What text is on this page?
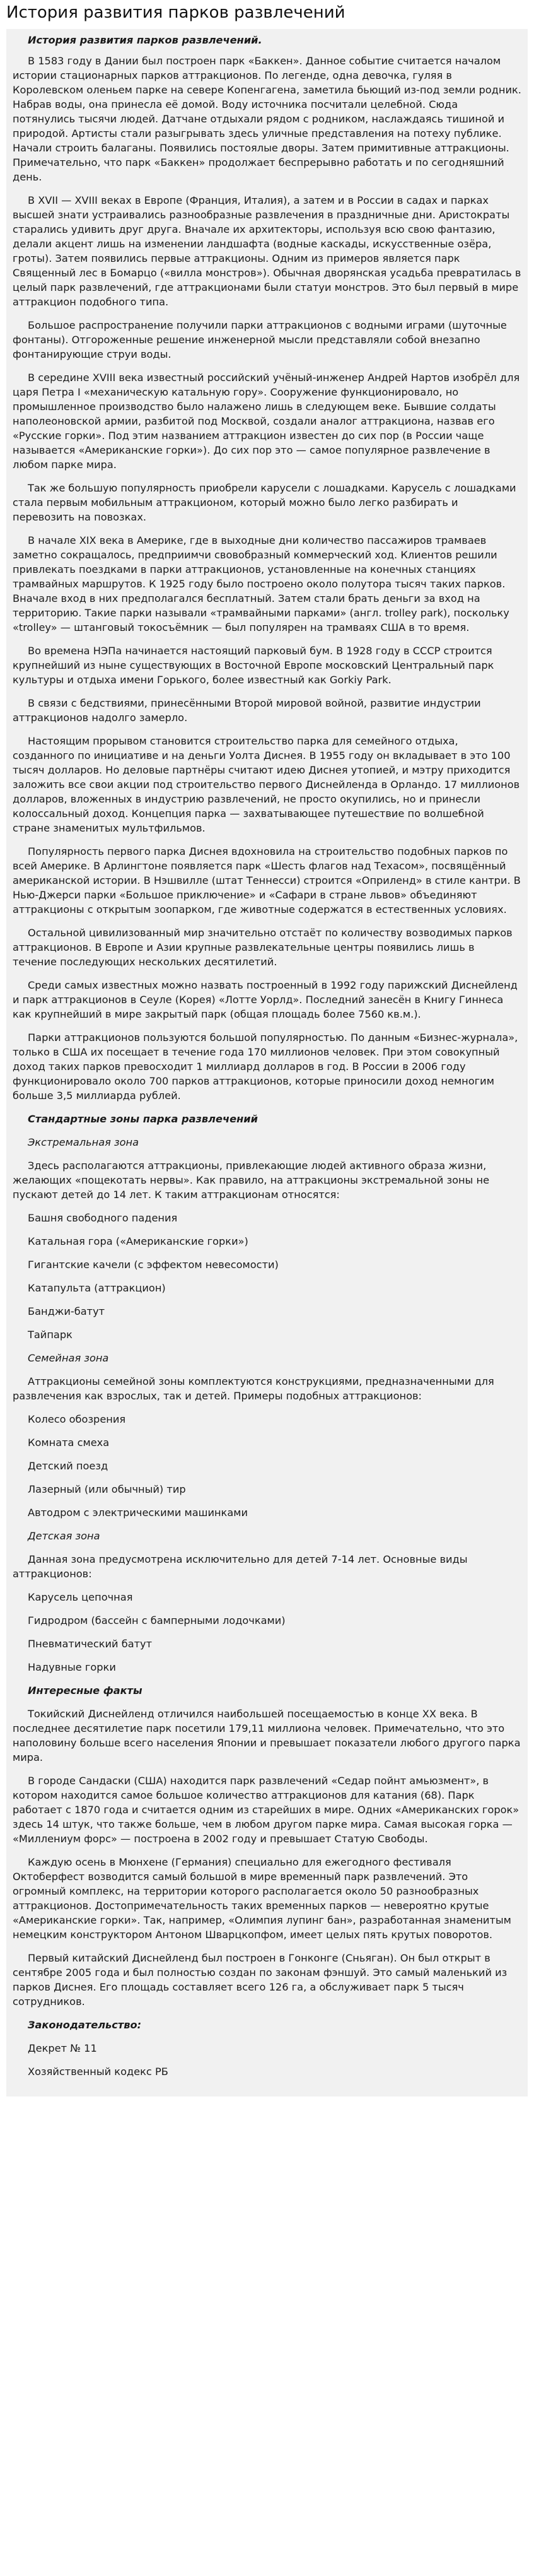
История развития парков развлечений

История развития парков развлечений.

В 1583 году в Дании был построен парк «Баккен». Данное событие считается началом истории стационарных парков аттракционов. По легенде, одна девочка, гуляя в Королевском оленьем парке на севере Копенгагена, заметила бьющий из-под земли родник. Набрав воды, она принесла её домой. Воду источника посчитали целебной. Сюда потянулись тысячи людей. Датчане отдыхали рядом с родником, наслаждаясь тишиной и природой. Артисты стали разыгрывать здесь уличные представления на потеху публике. Начали строить балаганы. Появились постоялые дворы. Затем примитивные аттракционы. Примечательно, что парк «Баккен» продолжает беспрерывно работать и по сегодняшний день.

В XVII — XVIII веках в Европе (Франция, Италия), а затем и в России в садах и парках высшей знати устраивались разнообразные развлечения в праздничные дни. Аристократы старались удивить друг друга. Вначале их архитекторы, используя всю свою фантазию, делали акцент лишь на изменении ландшафта (водные каскады, искусственные озёра, гроты). Затем появились первые аттракционы. Одним из примеров является парк Священный лес в Бомарцо («вилла монстров»). Обычная дворянская усадьба превратилась в целый парк развлечений, где аттракционами были статуи монстров. Это был первый в мире аттракцион подобного типа.

Большое распространение получили парки аттракционов с водными играми (шуточные фонтаны). Отгороженные решение инженерной мысли представляли собой внезапно фонтанирующие струи воды.

В середине XVIII века известный российский учёный-инженер Андрей Нартов изобрёл для царя Петра I «механическую катальную гору». Сооружение функционировало, но промышленное производство было налажено лишь в следующем веке. Бывшие солдаты наполеоновской армии, разбитой под Москвой, создали аналог аттракциона, назвав его «Русские горки». Под этим названием аттракцион известен до сих пор (в России чаще называется «Американские горки»). До сих пор это — самое популярное развлечение в любом парке мира.

Так же большую популярность приобрели карусели с лошадками. Карусель с лошадками стала первым мобильным аттракционом, который можно было легко разбирать и перевозить на повозках.

В начале XIX века в Америке, где в выходные дни количество пассажиров трамваев заметно сокращалось, предприимчи свовобразный коммерческий ход. Клиентов решили привлекать поездками в парки аттракционов, установленные на конечных станциях трамвайных маршрутов. К 1925 году было построено около полутора тысяч таких парков. Вначале вход в них предполагался бесплатный. Затем стали брать деньги за вход на территорию. Такие парки называли «трамвайными парками» (англ. trolley park), поскольку «trolley» — штанговый токосъёмник — был популярен на трамваях США в то время.

Во времена НЭПа начинается настоящий парковый бум. В 1928 году в СССР строится крупнейший из ныне существующих в Восточной Европе московский Центральный парк культуры и отдыха имени Горького, более известный как Gorkiy Park.

В связи с бедствиями, принесёнными Второй мировой войной, развитие индустрии аттракционов надолго замерло.

Настоящим прорывом становится строительство парка для семейного отдыха, созданного по инициативе и на деньги Уолта Диснея. В 1955 году он вкладывает в это 100 тысяч долларов. Но деловые партнёры считают идею Диснея утопией, и мэтру приходится заложить все свои акции под строительство первого Диснейленда в Орландо. 17 миллионов долларов, вложенных в индустрию развлечений, не просто окупились, но и принесли колоссальный доход. Концепция парка — захватывающее путешествие по волшебной стране знаменитых мультфильмов.

Популярность первого парка Диснея вдохновила на строительство подобных парков по всей Америке. В Арлингтоне появляется парк «Шесть флагов над Техасом», посвящённый американской истории. В Нэшвилле (штат Теннесси) строится «Оприленд» в стиле кантри. В Нью-Джерси парки «Большое приключение» и «Сафари в стране львов» объединяют аттракционы с открытым зоопарком, где животные содержатся в естественных условиях.

Остальной цивилизованный мир значительно отстаёт по количеству возводимых парков аттракционов. В Европе и Азии крупные развлекательные центры появились лишь в течение последующих нескольких десятилетий.

Среди самых известных можно назвать построенный в 1992 году парижский Диснейленд и парк аттракционов в Сеуле (Корея) «Лотте Уорлд». Последний занесён в Книгу Гиннеса как крупнейший в мире закрытый парк (общая площадь более 7560 кв.м.).

Парки аттракционов пользуются большой популярностью. По данным «Бизнес-журнала», только в США их посещает в течение года 170 миллионов человек. При этом совокупный доход таких парков превосходит 1 миллиард долларов в год. В России в 2006 году функционировало около 700 парков аттракционов, которые приносили доход немногим больше 3,5 миллиарда рублей.

Стандартные зоны парка развлечений

Экстремальная зона

Здесь располагаются аттракционы, привлекающие людей активного образа жизни, желающих «пощекотать нервы». Как правило, на аттракционы экстремальной зоны не пускают детей до 14 лет. К таким аттракционам относятся:

Башня свободного падения

Катальная гора («Американские горки»)

Гигантские качели (с эффектом невесомости)

Катапульта (аттракцион)

Банджи-батут

Тайпарк

Семейная зона

Аттракционы семейной зоны комплектуются конструкциями, предназначенными для развлечения как взрослых, так и детей. Примеры подобных аттракционов:

Колесо обозрения

Комната смеха

Детский поезд

Лазерный (или обычный) тир

Автодром с электрическими машинками

Детская зона

Данная зона предусмотрена исключительно для детей 7-14 лет. Основные виды аттракционов:

Карусель цепочная

Гидродром (бассейн с бамперными лодочками)

Пневматический батут

Надувные горки

Интересные факты

Токийский Диснейленд отличился наибольшей посещаемостью в конце XX века. В последнее десятилетие парк посетили 179,11 миллиона человек. Примечательно, что это наполовину больше всего населения Японии и превышает показатели любого другого парка мира.

В городе Сандаски (США) находится парк развлечений «Седар пойнт амьюзмент», в котором находится самое большое количество аттракционов для катания (68). Парк работает с 1870 года и считается одним из старейших в мире. Одних «Американских горок» здесь 14 штук, что также больше, чем в любом другом парке мира. Самая высокая горка — «Миллениум форс» — построена в 2002 году и превышает Статую Свободы.

Каждую осень в Мюнхене (Германия) специально для ежегодного фестиваля Октоберфест возводится самый большой в мире временный парк развлечений. Это огромный комплекс, на территории которого располагается около 50 разнообразных аттракционов. Достопримечательность таких временных парков — невероятно крутые «Американские горки». Так, например, «Олимпия лупинг бан», разработанная знаменитым немецким конструктором Антоном Шварцкопфом, имеет целых пять крутых поворотов.

Первый китайский Диснейленд был построен в Гонконге (Сньяган). Он был открыт в сентябре 2005 года и был полностью создан по законам фэншуй. Это самый маленький из парков Диснея. Его площадь составляет всего 126 га, а обслуживает парк 5 тысяч сотрудников.

Законодательство:

Декрет № 11

Хозяйственный кодекс РБ
